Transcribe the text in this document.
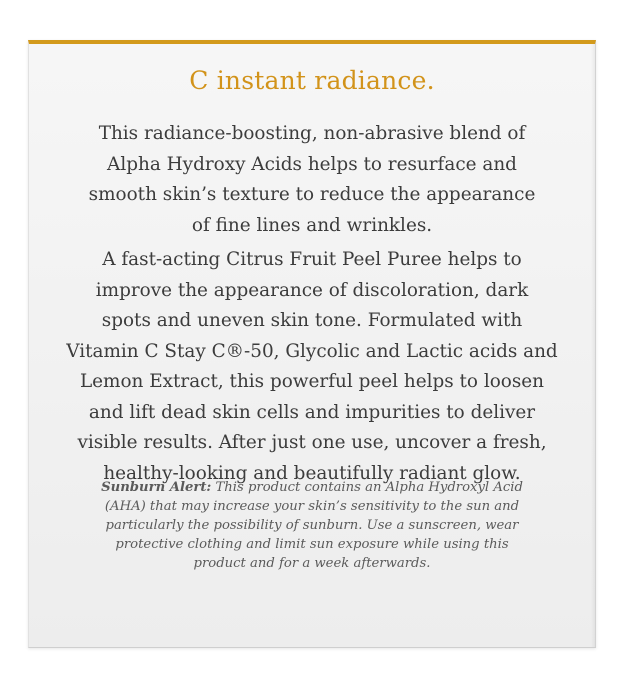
C instant radiance.
This radiance-boosting, non-abrasive blend of
Alpha Hydroxy Acids helps to resurface and
smooth skin’s texture to reduce the appearance
of fine lines and wrinkles.
A fast-acting Citrus Fruit Peel Puree helps to
improve the appearance of discoloration, dark
spots and uneven skin tone. Formulated with
Vitamin C Stay C®-50, Glycolic and Lactic acids and
Lemon Extract, this powerful peel helps to loosen
and lift dead skin cells and impurities to deliver
visible results. After just one use, uncover a fresh,
healthy-looking and beautifully radiant glow.
Sunburn Alert: This product contains an Alpha Hydroxyl Acid
(AHA) that may increase your skin’s sensitivity to the sun and
particularly the possibility of sunburn. Use a sunscreen, wear
protective clothing and limit sun exposure while using this
product and for a week afterwards.
